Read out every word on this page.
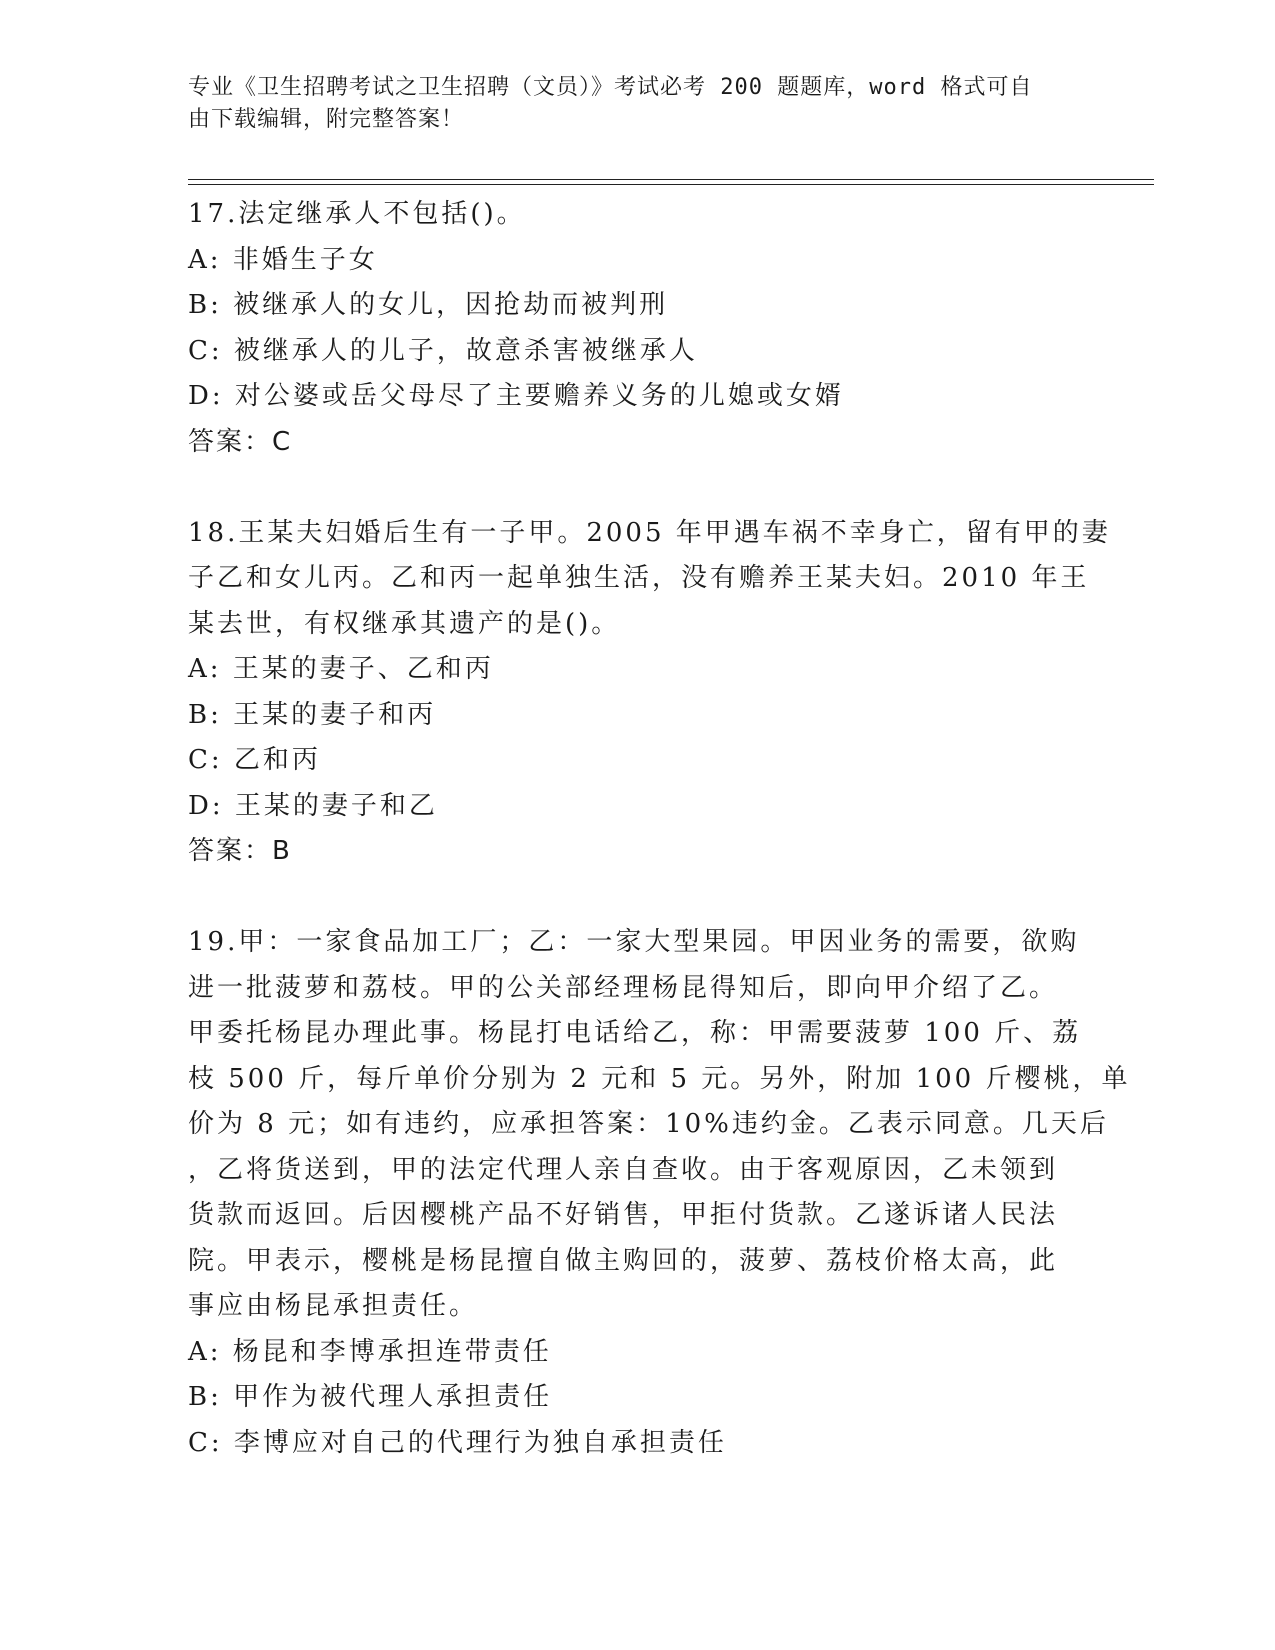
专业《卫生招聘考试之卫生招聘（文员）》考试必考 200 题题库，word 格式可自
由下载编辑，附完整答案！
17.法定继承人不包括()。
A: 非婚生子女
B: 被继承人的女儿，因抢劫而被判刑
C: 被继承人的儿子，故意杀害被继承人
D: 对公婆或岳父母尽了主要赡养义务的儿媳或女婿
答案：C
18.王某夫妇婚后生有一子甲。2005 年甲遇车祸不幸身亡，留有甲的妻
子乙和女儿丙。乙和丙一起单独生活，没有赡养王某夫妇。2010 年王
某去世，有权继承其遗产的是()。
A: 王某的妻子、乙和丙
B: 王某的妻子和丙
C: 乙和丙
D: 王某的妻子和乙
答案：B
19.甲：一家食品加工厂；乙：一家大型果园。甲因业务的需要，欲购
进一批菠萝和荔枝。甲的公关部经理杨昆得知后，即向甲介绍了乙。
甲委托杨昆办理此事。杨昆打电话给乙，称：甲需要菠萝 100 斤、荔
枝 500 斤，每斤单价分别为 2 元和 5 元。另外，附加 100 斤樱桃，单
价为 8 元；如有违约，应承担答案：10%违约金。乙表示同意。几天后
，乙将货送到，甲的法定代理人亲自查收。由于客观原因，乙未领到
货款而返回。后因樱桃产品不好销售，甲拒付货款。乙遂诉诸人民法
院。甲表示，樱桃是杨昆擅自做主购回的，菠萝、荔枝价格太高，此
事应由杨昆承担责任。
A: 杨昆和李博承担连带责任
B: 甲作为被代理人承担责任
C: 李博应对自己的代理行为独自承担责任
